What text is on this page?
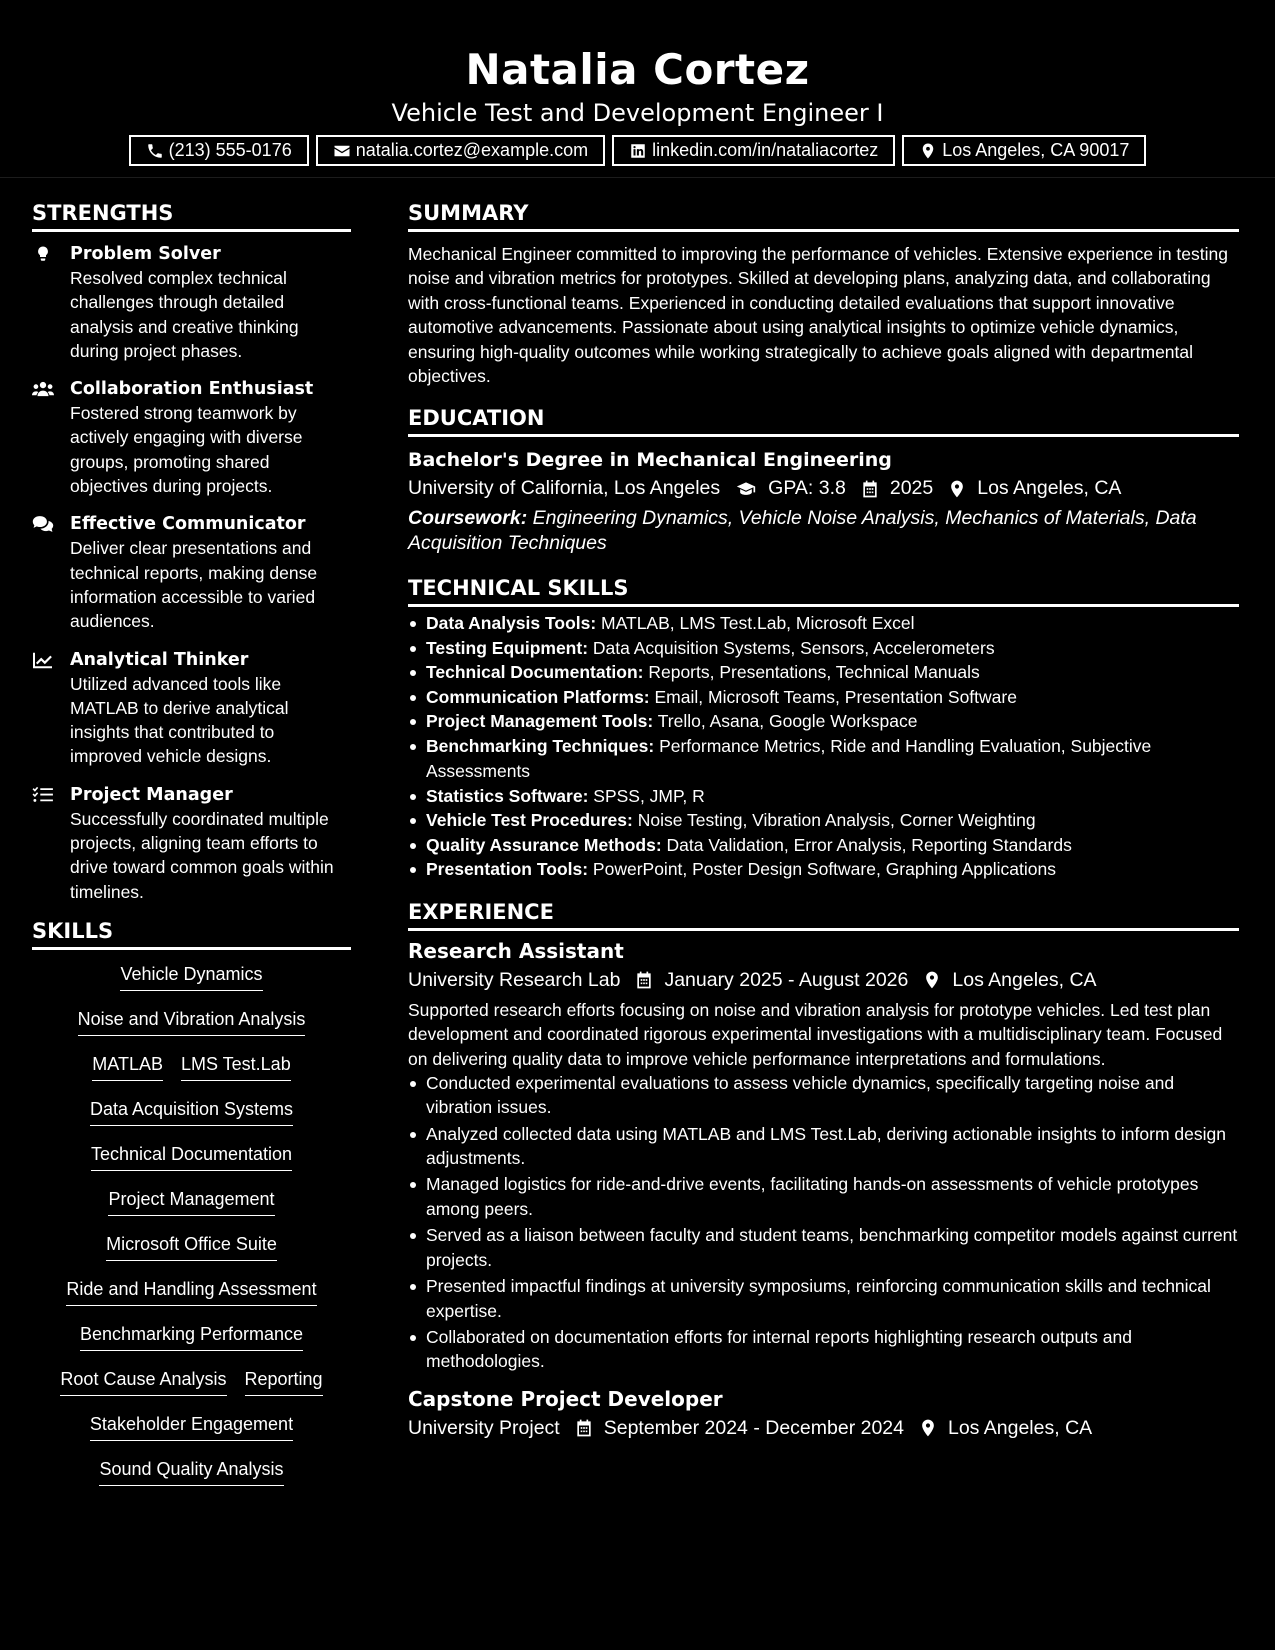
Natalia Cortez
Vehicle Test and Development Engineer I
(213) 555-0176	natalia.cortez@example.com	linkedin.com/in/nataliacortez	Los Angeles, CA 90017
STRENGTHS
Problem Solver
Resolved complex technical challenges through detailed analysis and creative thinking during project phases.
Collaboration Enthusiast
Fostered strong teamwork by actively engaging with diverse groups, promoting shared objectives during projects.
Effective Communicator
Deliver clear presentations and technical reports, making dense information accessible to varied audiences.
Analytical Thinker
Utilized advanced tools like MATLAB to derive analytical insights that contributed to improved vehicle designs.
Project Manager
Successfully coordinated multiple projects, aligning team efforts to drive toward common goals within timelines.
SKILLS
Vehicle Dynamics
Noise and Vibration Analysis
MATLAB LMS Test.Lab
Data Acquisition Systems
Technical Documentation
Project Management
Microsoft Office Suite
Ride and Handling Assessment
Benchmarking Performance
Root Cause Analysis Reporting
Stakeholder Engagement
Sound Quality Analysis
SUMMARY
Mechanical Engineer committed to improving the performance of vehicles. Extensive experience in testing noise and vibration metrics for prototypes. Skilled at developing plans, analyzing data, and collaborating with cross-functional teams. Experienced in conducting detailed evaluations that support innovative automotive advancements. Passionate about using analytical insights to optimize vehicle dynamics, ensuring high-quality outcomes while working strategically to achieve goals aligned with departmental objectives.
EDUCATION
Bachelor's Degree in Mechanical Engineering
University of California, Los Angeles GPA: 3.8 2025 Los Angeles, CA
Coursework: Engineering Dynamics, Vehicle Noise Analysis, Mechanics of Materials, Data Acquisition Techniques
TECHNICAL SKILLS
Data Analysis Tools: MATLAB, LMS Test.Lab, Microsoft Excel
Testing Equipment: Data Acquisition Systems, Sensors, Accelerometers
Technical Documentation: Reports, Presentations, Technical Manuals
Communication Platforms: Email, Microsoft Teams, Presentation Software
Project Management Tools: Trello, Asana, Google Workspace
Benchmarking Techniques: Performance Metrics, Ride and Handling Evaluation, Subjective Assessments
Statistics Software: SPSS, JMP, R
Vehicle Test Procedures: Noise Testing, Vibration Analysis, Corner Weighting
Quality Assurance Methods: Data Validation, Error Analysis, Reporting Standards
Presentation Tools: PowerPoint, Poster Design Software, Graphing Applications
EXPERIENCE
Research Assistant
University Research Lab January 2025 - August 2026 Los Angeles, CA
Supported research efforts focusing on noise and vibration analysis for prototype vehicles. Led test plan development and coordinated rigorous experimental investigations with a multidisciplinary team. Focused on delivering quality data to improve vehicle performance interpretations and formulations.
Conducted experimental evaluations to assess vehicle dynamics, specifically targeting noise and vibration issues.
Analyzed collected data using MATLAB and LMS Test.Lab, deriving actionable insights to inform design adjustments.
Managed logistics for ride-and-drive events, facilitating hands-on assessments of vehicle prototypes among peers.
Served as a liaison between faculty and student teams, benchmarking competitor models against current projects.
Presented impactful findings at university symposiums, reinforcing communication skills and technical expertise.
Collaborated on documentation efforts for internal reports highlighting research outputs and methodologies.
Capstone Project Developer
University Project September 2024 - December 2024 Los Angeles, CA
